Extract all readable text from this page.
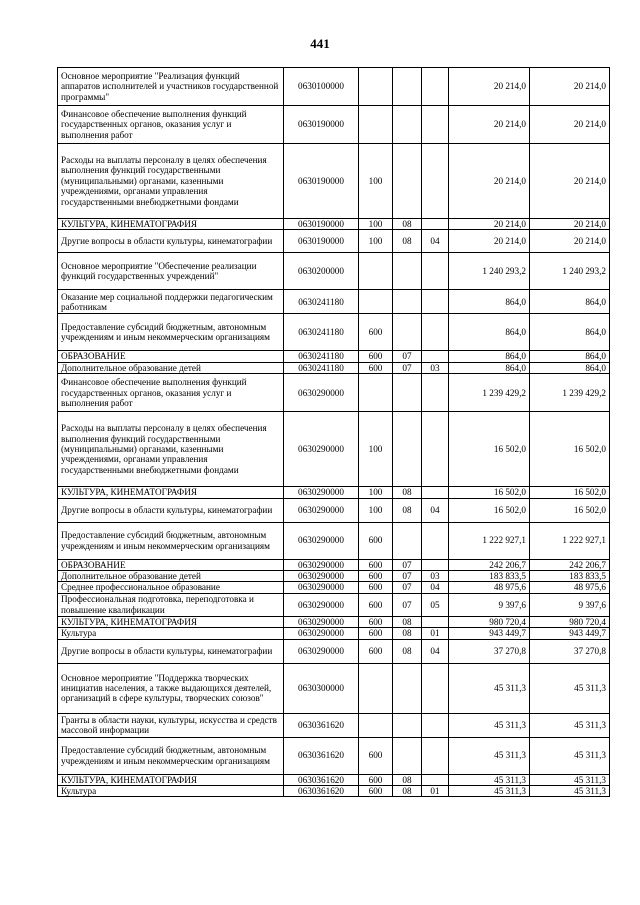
441
Основное мероприятие "Реализация функций аппаратов исполнителей и участников государственной программы"	0630100000				20 214,0	20 214,0
Финансовое обеспечение выполнения функций государственных органов, оказания услуг и выполнения работ	0630190000				20 214,0	20 214,0
Расходы на выплаты персоналу в целях обеспечения выполнения функций государственными (муниципальными) органами, казенными учреждениями, органами управления государственными внебюджетными фондами	0630190000	100			20 214,0	20 214,0
КУЛЬТУРА, КИНЕМАТОГРАФИЯ	0630190000	100	08		20 214,0	20 214,0
Другие вопросы в области культуры, кинематографии	0630190000	100	08	04	20 214,0	20 214,0
Основное мероприятие "Обеспечение реализации функций государственных учреждений"	0630200000				1 240 293,2	1 240 293,2
Оказание мер социальной поддержки педагогическим работникам	0630241180				864,0	864,0
Предоставление субсидий бюджетным, автономным учреждениям и иным некоммерческим организациям	0630241180	600			864,0	864,0
ОБРАЗОВАНИЕ	0630241180	600	07		864,0	864,0
Дополнительное образование детей	0630241180	600	07	03	864,0	864,0
Финансовое обеспечение выполнения функций государственных органов, оказания услуг и выполнения работ	0630290000				1 239 429,2	1 239 429,2
Расходы на выплаты персоналу в целях обеспечения выполнения функций государственными (муниципальными) органами, казенными учреждениями, органами управления государственными внебюджетными фондами	0630290000	100			16 502,0	16 502,0
КУЛЬТУРА, КИНЕМАТОГРАФИЯ	0630290000	100	08		16 502,0	16 502,0
Другие вопросы в области культуры, кинематографии	0630290000	100	08	04	16 502,0	16 502,0
Предоставление субсидий бюджетным, автономным учреждениям и иным некоммерческим организациям	0630290000	600			1 222 927,1	1 222 927,1
ОБРАЗОВАНИЕ	0630290000	600	07		242 206,7	242 206,7
Дополнительное образование детей	0630290000	600	07	03	183 833,5	183 833,5
Среднее профессиональное образование	0630290000	600	07	04	48 975,6	48 975,6
Профессиональная подготовка, переподготовка и повышение квалификации	0630290000	600	07	05	9 397,6	9 397,6
КУЛЬТУРА, КИНЕМАТОГРАФИЯ	0630290000	600	08		980 720,4	980 720,4
Культура	0630290000	600	08	01	943 449,7	943 449,7
Другие вопросы в области культуры, кинематографии	0630290000	600	08	04	37 270,8	37 270,8
Основное мероприятие "Поддержка творческих инициатив населения, а также выдающихся деятелей, организаций в сфере культуры, творческих союзов"	0630300000				45 311,3	45 311,3
Гранты в области науки, культуры, искусства и средств массовой информации	0630361620				45 311,3	45 311,3
Предоставление субсидий бюджетным, автономным учреждениям и иным некоммерческим организациям	0630361620	600			45 311,3	45 311,3
КУЛЬТУРА, КИНЕМАТОГРАФИЯ	0630361620	600	08		45 311,3	45 311,3
Культура	0630361620	600	08	01	45 311,3	45 311,3
